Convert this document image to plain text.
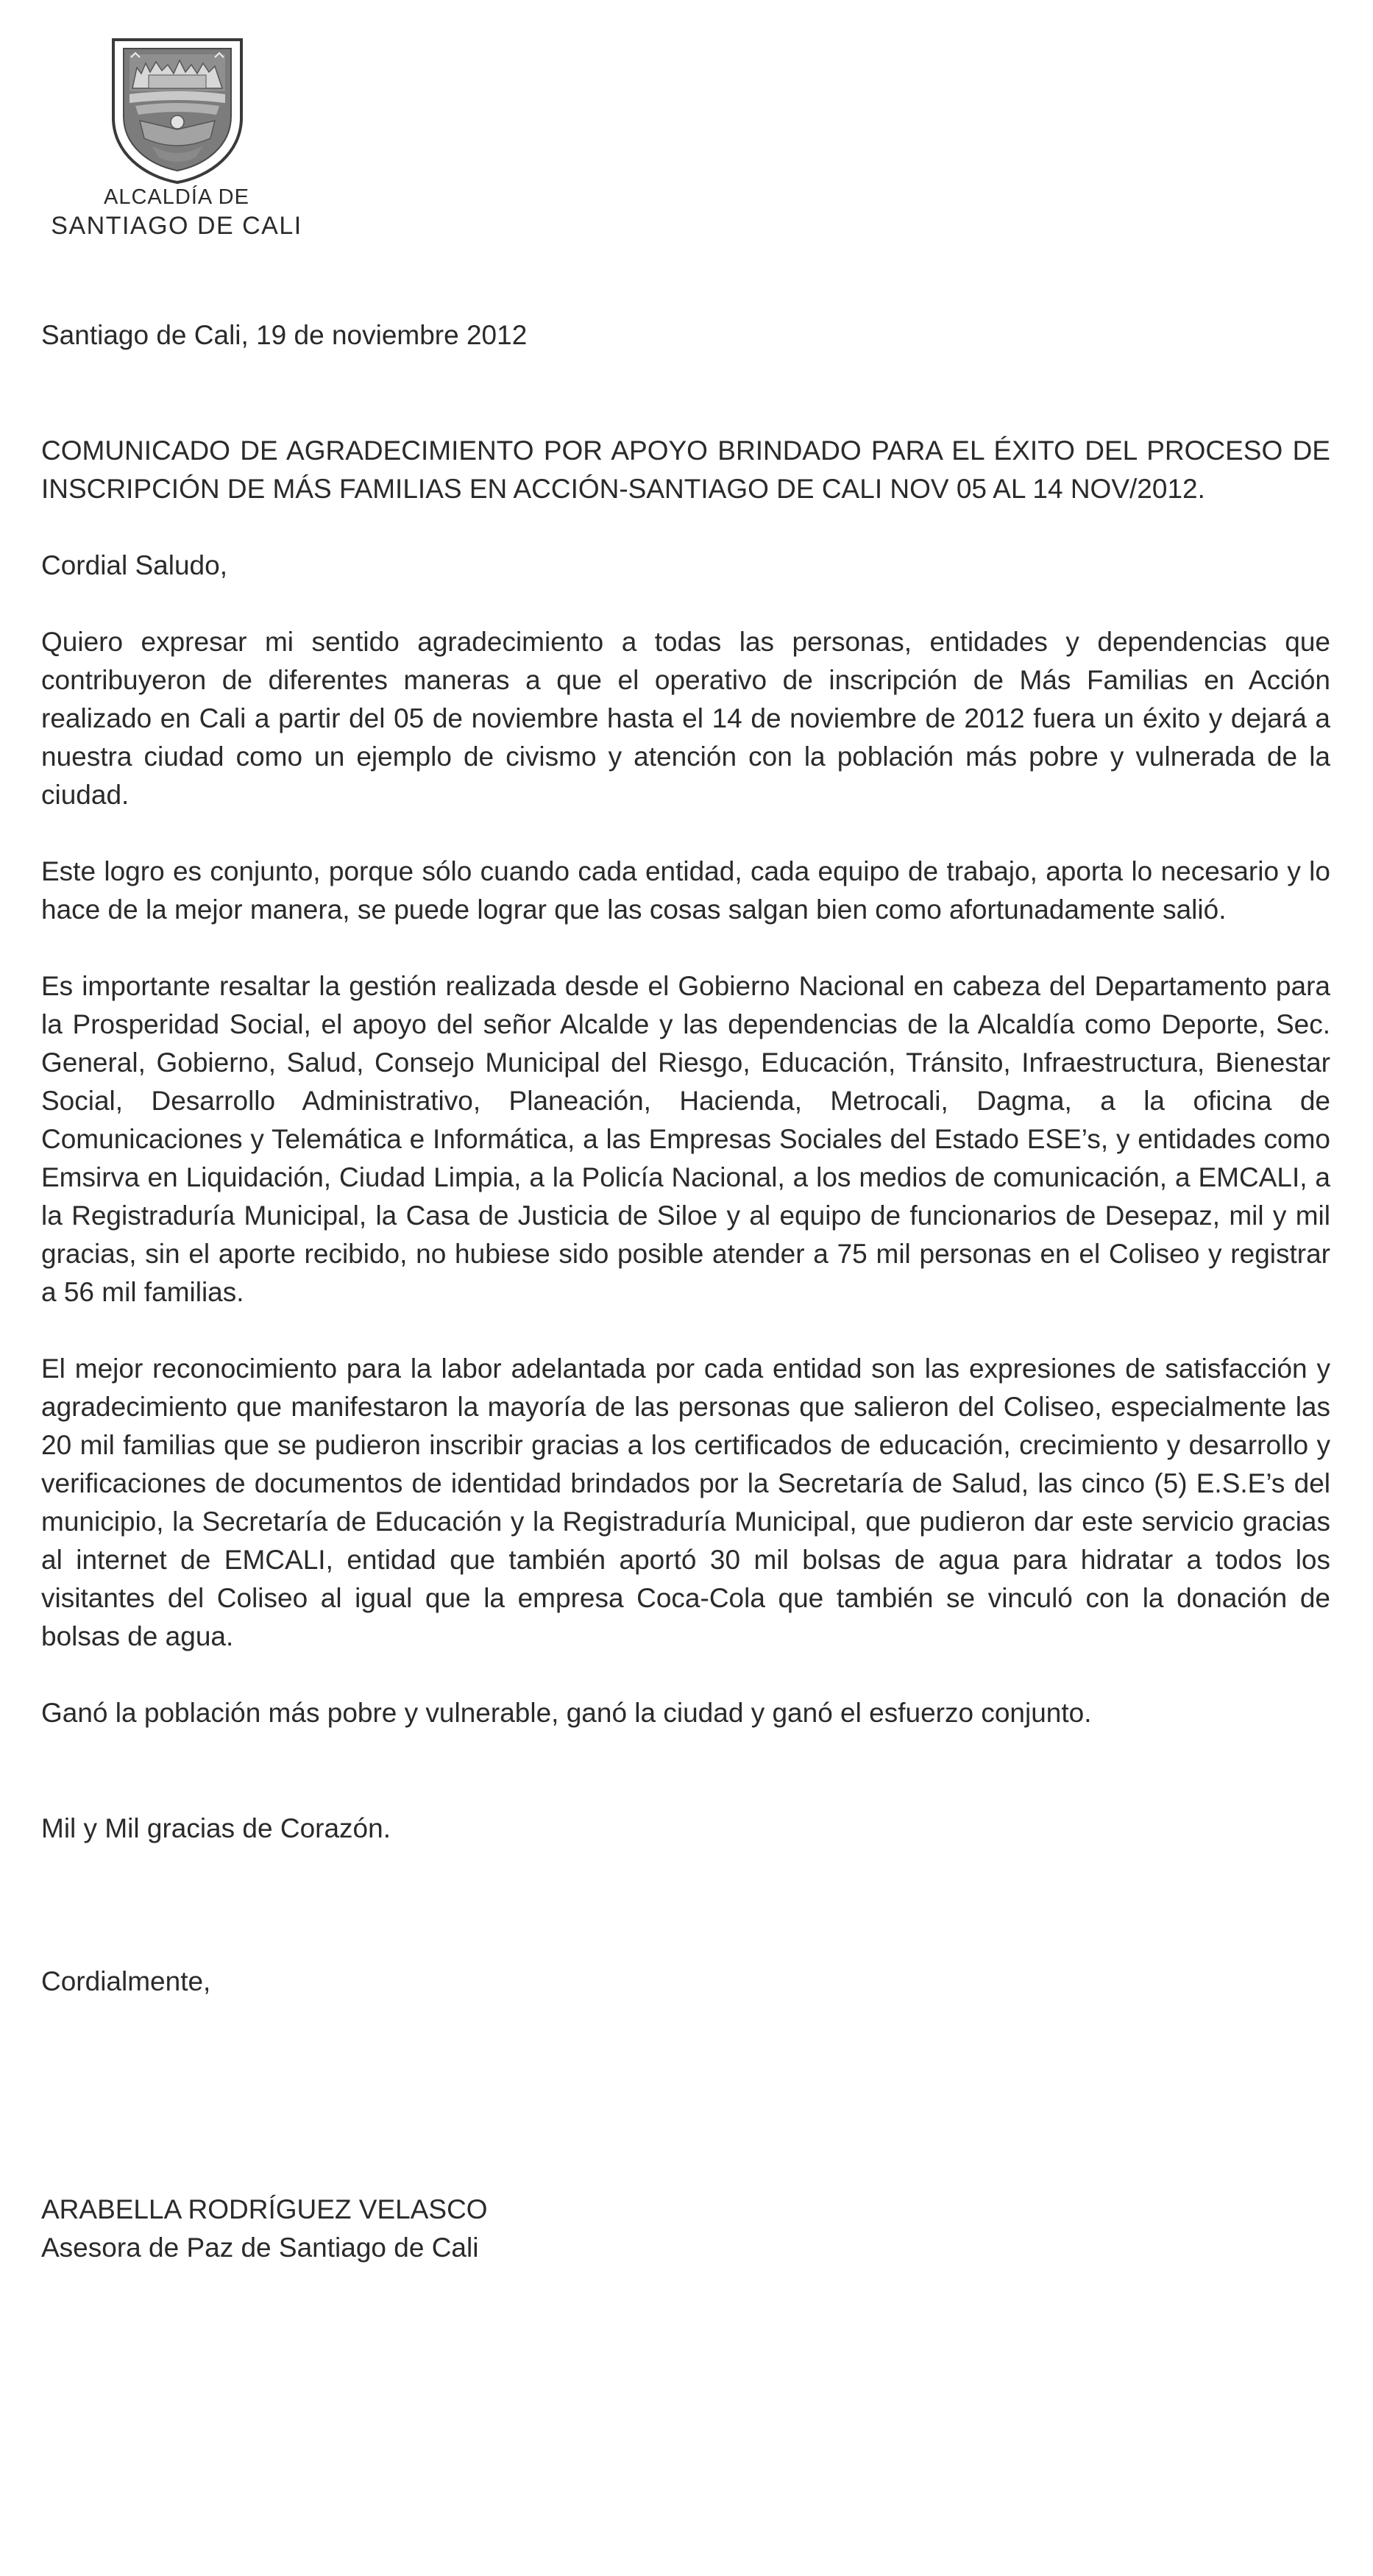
ALCALDÍA DE
SANTIAGO DE CALI

Santiago de Cali, 19 de noviembre 2012

COMUNICADO DE AGRADECIMIENTO POR APOYO BRINDADO PARA EL ÉXITO DEL PROCESO DE INSCRIPCIÓN DE MÁS FAMILIAS EN ACCIÓN-SANTIAGO DE CALI NOV 05 AL 14 NOV/2012.

Cordial Saludo,

Quiero expresar mi sentido agradecimiento a todas las personas, entidades y dependencias que contribuyeron de diferentes maneras a que el operativo de inscripción de Más Familias en Acción realizado en Cali a partir del 05 de noviembre hasta el 14 de noviembre de 2012 fuera un éxito y dejará a nuestra ciudad como un ejemplo de civismo y atención con la población más pobre y vulnerada de la ciudad.

Este logro es conjunto, porque sólo cuando cada entidad, cada equipo de trabajo, aporta lo necesario y lo hace de la mejor manera, se puede lograr que las cosas salgan bien como afortunadamente salió.

Es importante resaltar la gestión realizada desde el Gobierno Nacional en cabeza del Departamento para la Prosperidad Social, el apoyo del señor Alcalde y las dependencias de la Alcaldía como Deporte, Sec. General, Gobierno, Salud, Consejo Municipal del Riesgo, Educación, Tránsito, Infraestructura, Bienestar Social, Desarrollo Administrativo, Planeación, Hacienda, Metrocali, Dagma, a la oficina de Comunicaciones y Telemática e Informática, a las Empresas Sociales del Estado ESE’s, y entidades como Emsirva en Liquidación, Ciudad Limpia, a la Policía Nacional, a los medios de comunicación, a EMCALI, a la Registraduría Municipal, la Casa de Justicia de Siloe y al equipo de funcionarios de Desepaz, mil y mil gracias, sin el aporte recibido, no hubiese sido posible atender a 75 mil personas en el Coliseo y registrar a 56 mil familias.

El mejor reconocimiento para la labor adelantada por cada entidad son las expresiones de satisfacción y agradecimiento que manifestaron la mayoría de las personas que salieron del Coliseo, especialmente las 20 mil familias que se pudieron inscribir gracias a los certificados de educación, crecimiento y desarrollo y verificaciones de documentos de identidad brindados por la Secretaría de Salud, las cinco (5) E.S.E’s del municipio, la Secretaría de Educación y la Registraduría Municipal, que pudieron dar este servicio gracias al internet de EMCALI, entidad que también aportó 30 mil bolsas de agua para hidratar a todos los visitantes del Coliseo al igual que la empresa Coca-Cola que también se vinculó con la donación de bolsas de agua.

Ganó la población más pobre y vulnerable, ganó la ciudad y ganó el esfuerzo conjunto.

Mil y Mil gracias de Corazón.

Cordialmente,

ARABELLA RODRÍGUEZ VELASCO

Asesora de Paz de Santiago de Cali
